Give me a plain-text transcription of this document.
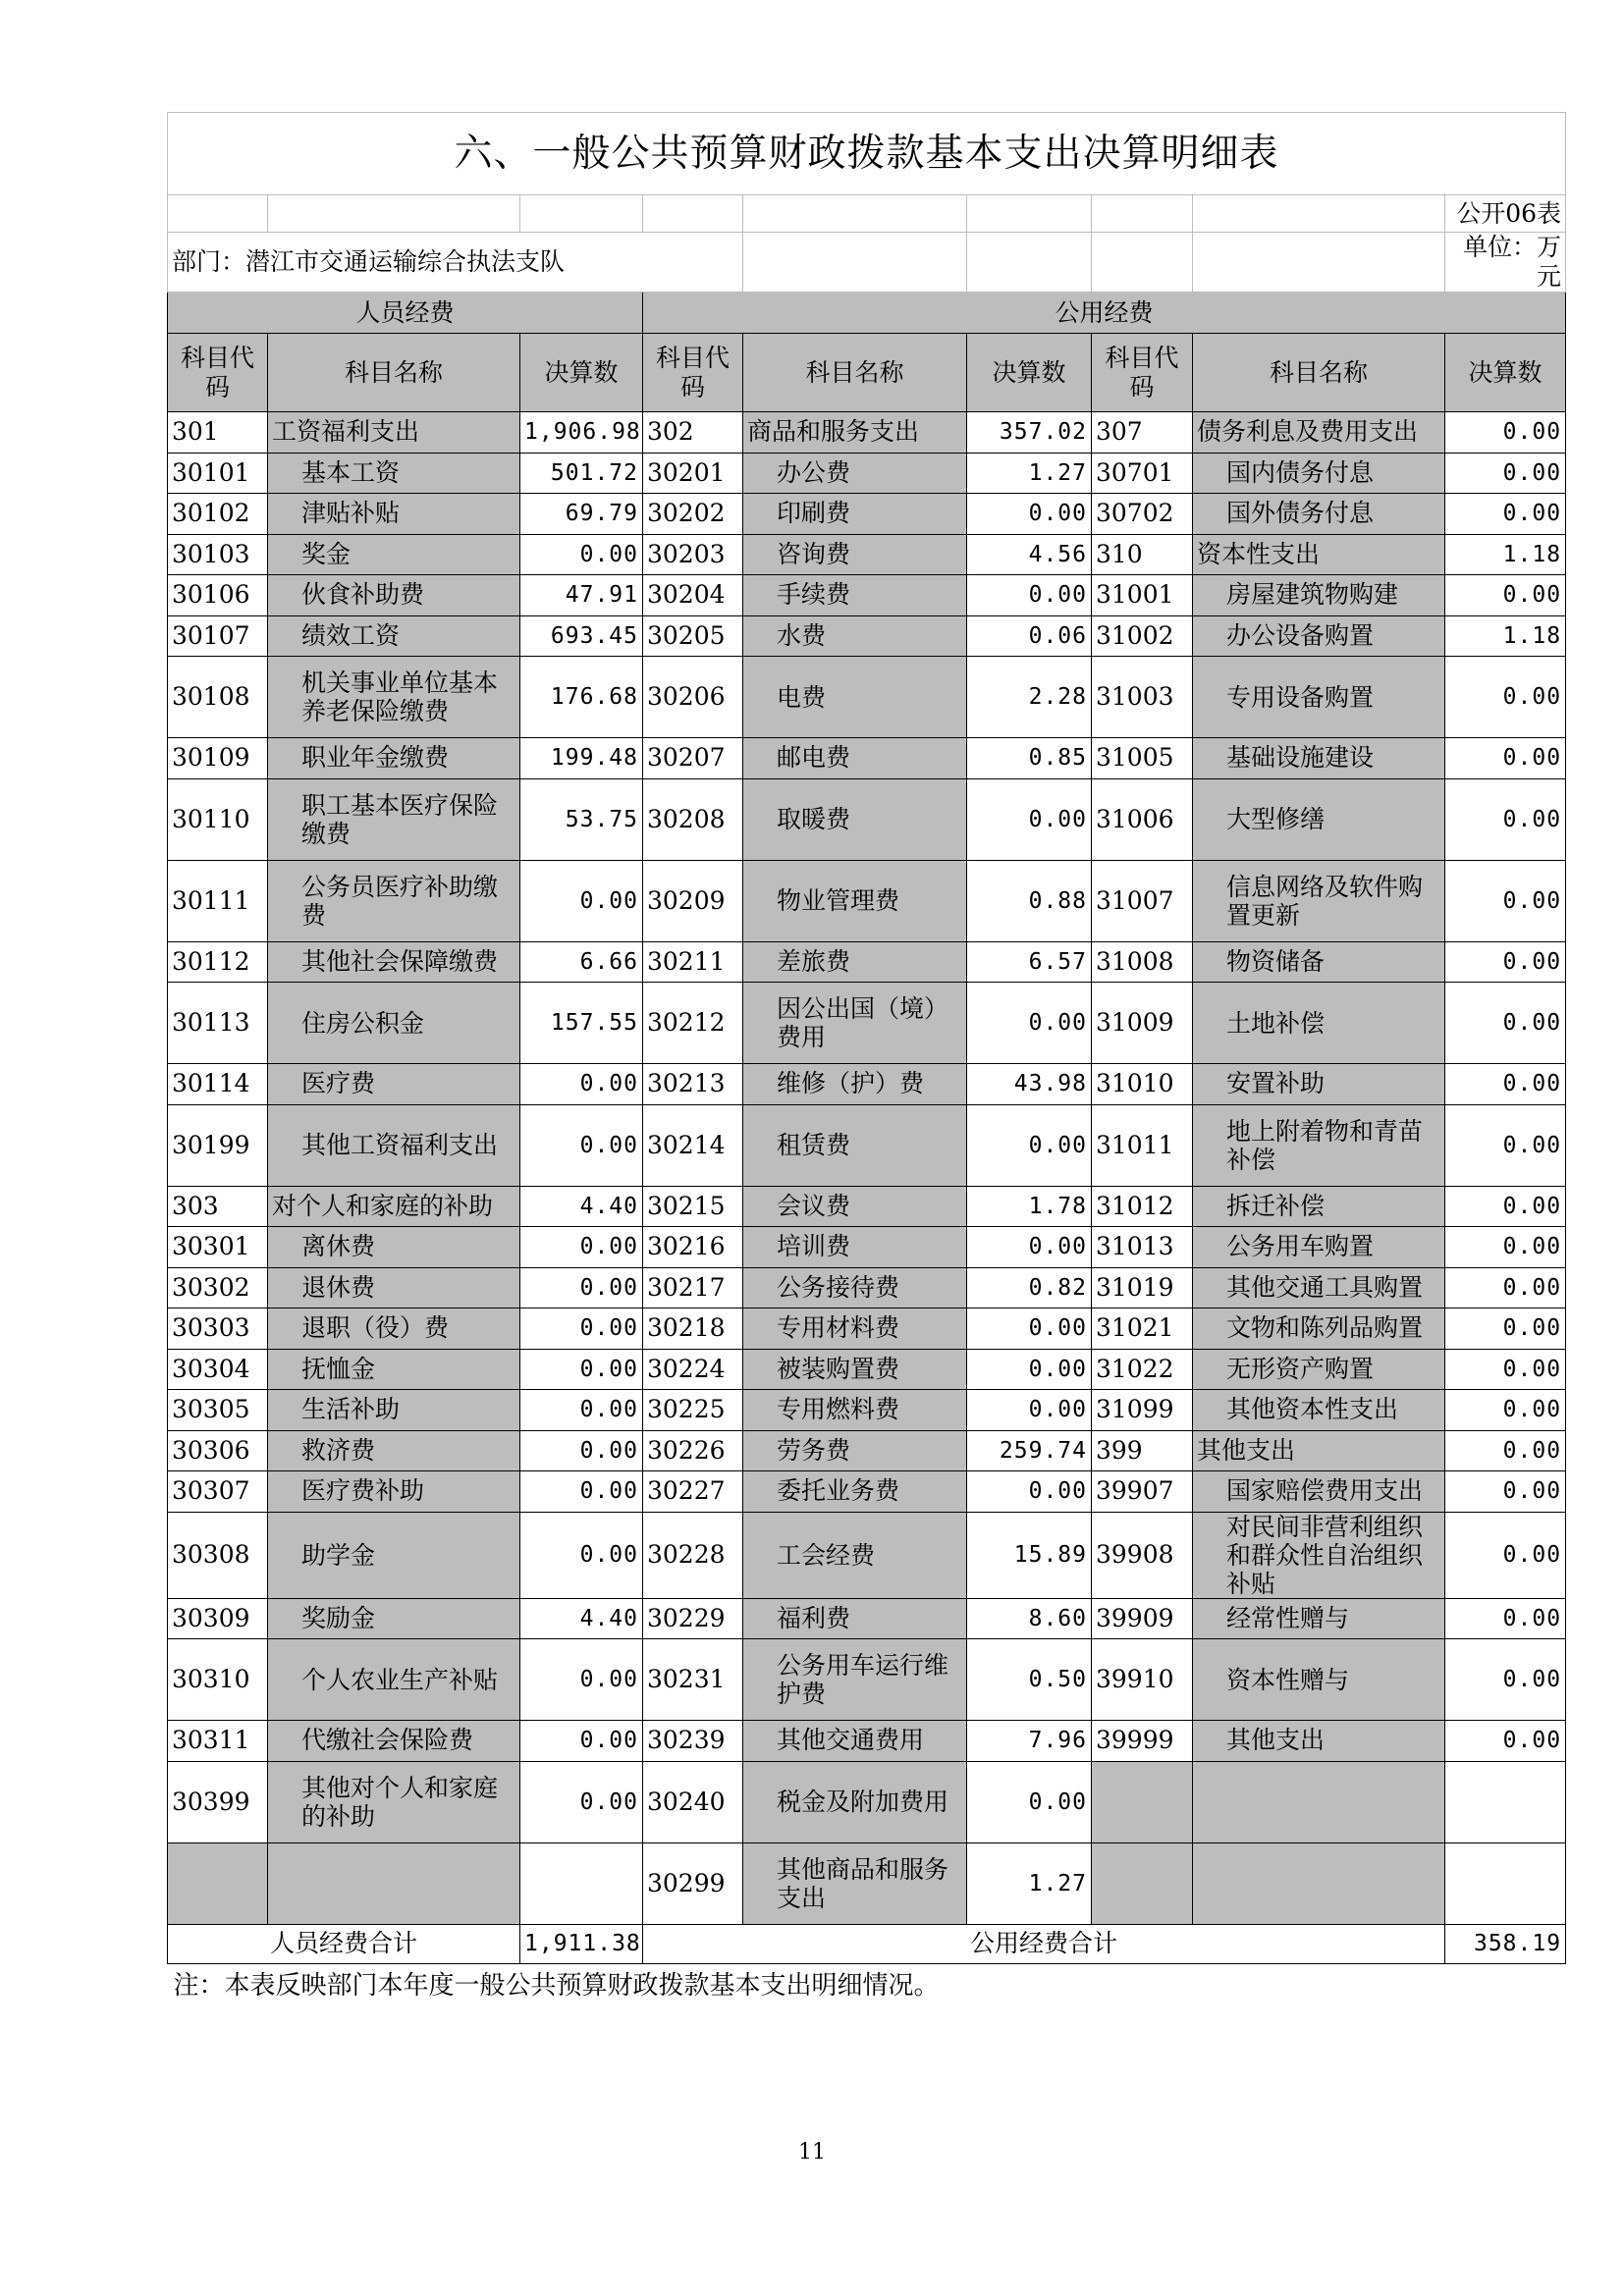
六、一般公共预算财政拨款基本支出决算明细表								
								公开06表
部门：潜江市交通运输综合执法支队								单位：万元
人员经费			公用经费					
科目代码	科目名称	决算数	科目代码	科目名称	决算数	科目代码	科目名称	决算数
301	工资福利支出	1,906.98	302	商品和服务支出	357.02	307	债务利息及费用支出	0.00
30101	基本工资	501.72	30201	办公费	1.27	30701	国内债务付息	0.00
30102	津贴补贴	69.79	30202	印刷费	0.00	30702	国外债务付息	0.00
30103	奖金	0.00	30203	咨询费	4.56	310	资本性支出	1.18
30106	伙食补助费	47.91	30204	手续费	0.00	31001	房屋建筑物购建	0.00
30107	绩效工资	693.45	30205	水费	0.06	31002	办公设备购置	1.18
30108	机关事业单位基本养老保险缴费	176.68	30206	电费	2.28	31003	专用设备购置	0.00
30109	职业年金缴费	199.48	30207	邮电费	0.85	31005	基础设施建设	0.00
30110	职工基本医疗保险缴费	53.75	30208	取暖费	0.00	31006	大型修缮	0.00
30111	公务员医疗补助缴费	0.00	30209	物业管理费	0.88	31007	信息网络及软件购置更新	0.00
30112	其他社会保障缴费	6.66	30211	差旅费	6.57	31008	物资储备	0.00
30113	住房公积金	157.55	30212	因公出国（境）费用	0.00	31009	土地补偿	0.00
30114	医疗费	0.00	30213	维修（护）费	43.98	31010	安置补助	0.00
30199	其他工资福利支出	0.00	30214	租赁费	0.00	31011	地上附着物和青苗补偿	0.00
303	对个人和家庭的补助	4.40	30215	会议费	1.78	31012	拆迁补偿	0.00
30301	离休费	0.00	30216	培训费	0.00	31013	公务用车购置	0.00
30302	退休费	0.00	30217	公务接待费	0.82	31019	其他交通工具购置	0.00
30303	退职（役）费	0.00	30218	专用材料费	0.00	31021	文物和陈列品购置	0.00
30304	抚恤金	0.00	30224	被装购置费	0.00	31022	无形资产购置	0.00
30305	生活补助	0.00	30225	专用燃料费	0.00	31099	其他资本性支出	0.00
30306	救济费	0.00	30226	劳务费	259.74	399	其他支出	0.00
30307	医疗费补助	0.00	30227	委托业务费	0.00	39907	国家赔偿费用支出	0.00
30308	助学金	0.00	30228	工会经费	15.89	39908	对民间非营利组织和群众性自治组织补贴	0.00
30309	奖励金	4.40	30229	福利费	8.60	39909	经常性赠与	0.00
30310	个人农业生产补贴	0.00	30231	公务用车运行维护费	0.50	39910	资本性赠与	0.00
30311	代缴社会保险费	0.00	30239	其他交通费用	7.96	39999	其他支出	0.00
30399	其他对个人和家庭的补助	0.00	30240	税金及附加费用	0.00			
			30299	其他商品和服务支出	1.27			
人员经费合计		1,911.38	公用经费合计					358.19
注：本表反映部门本年度一般公共预算财政拨款基本支出明细情况。								
11
